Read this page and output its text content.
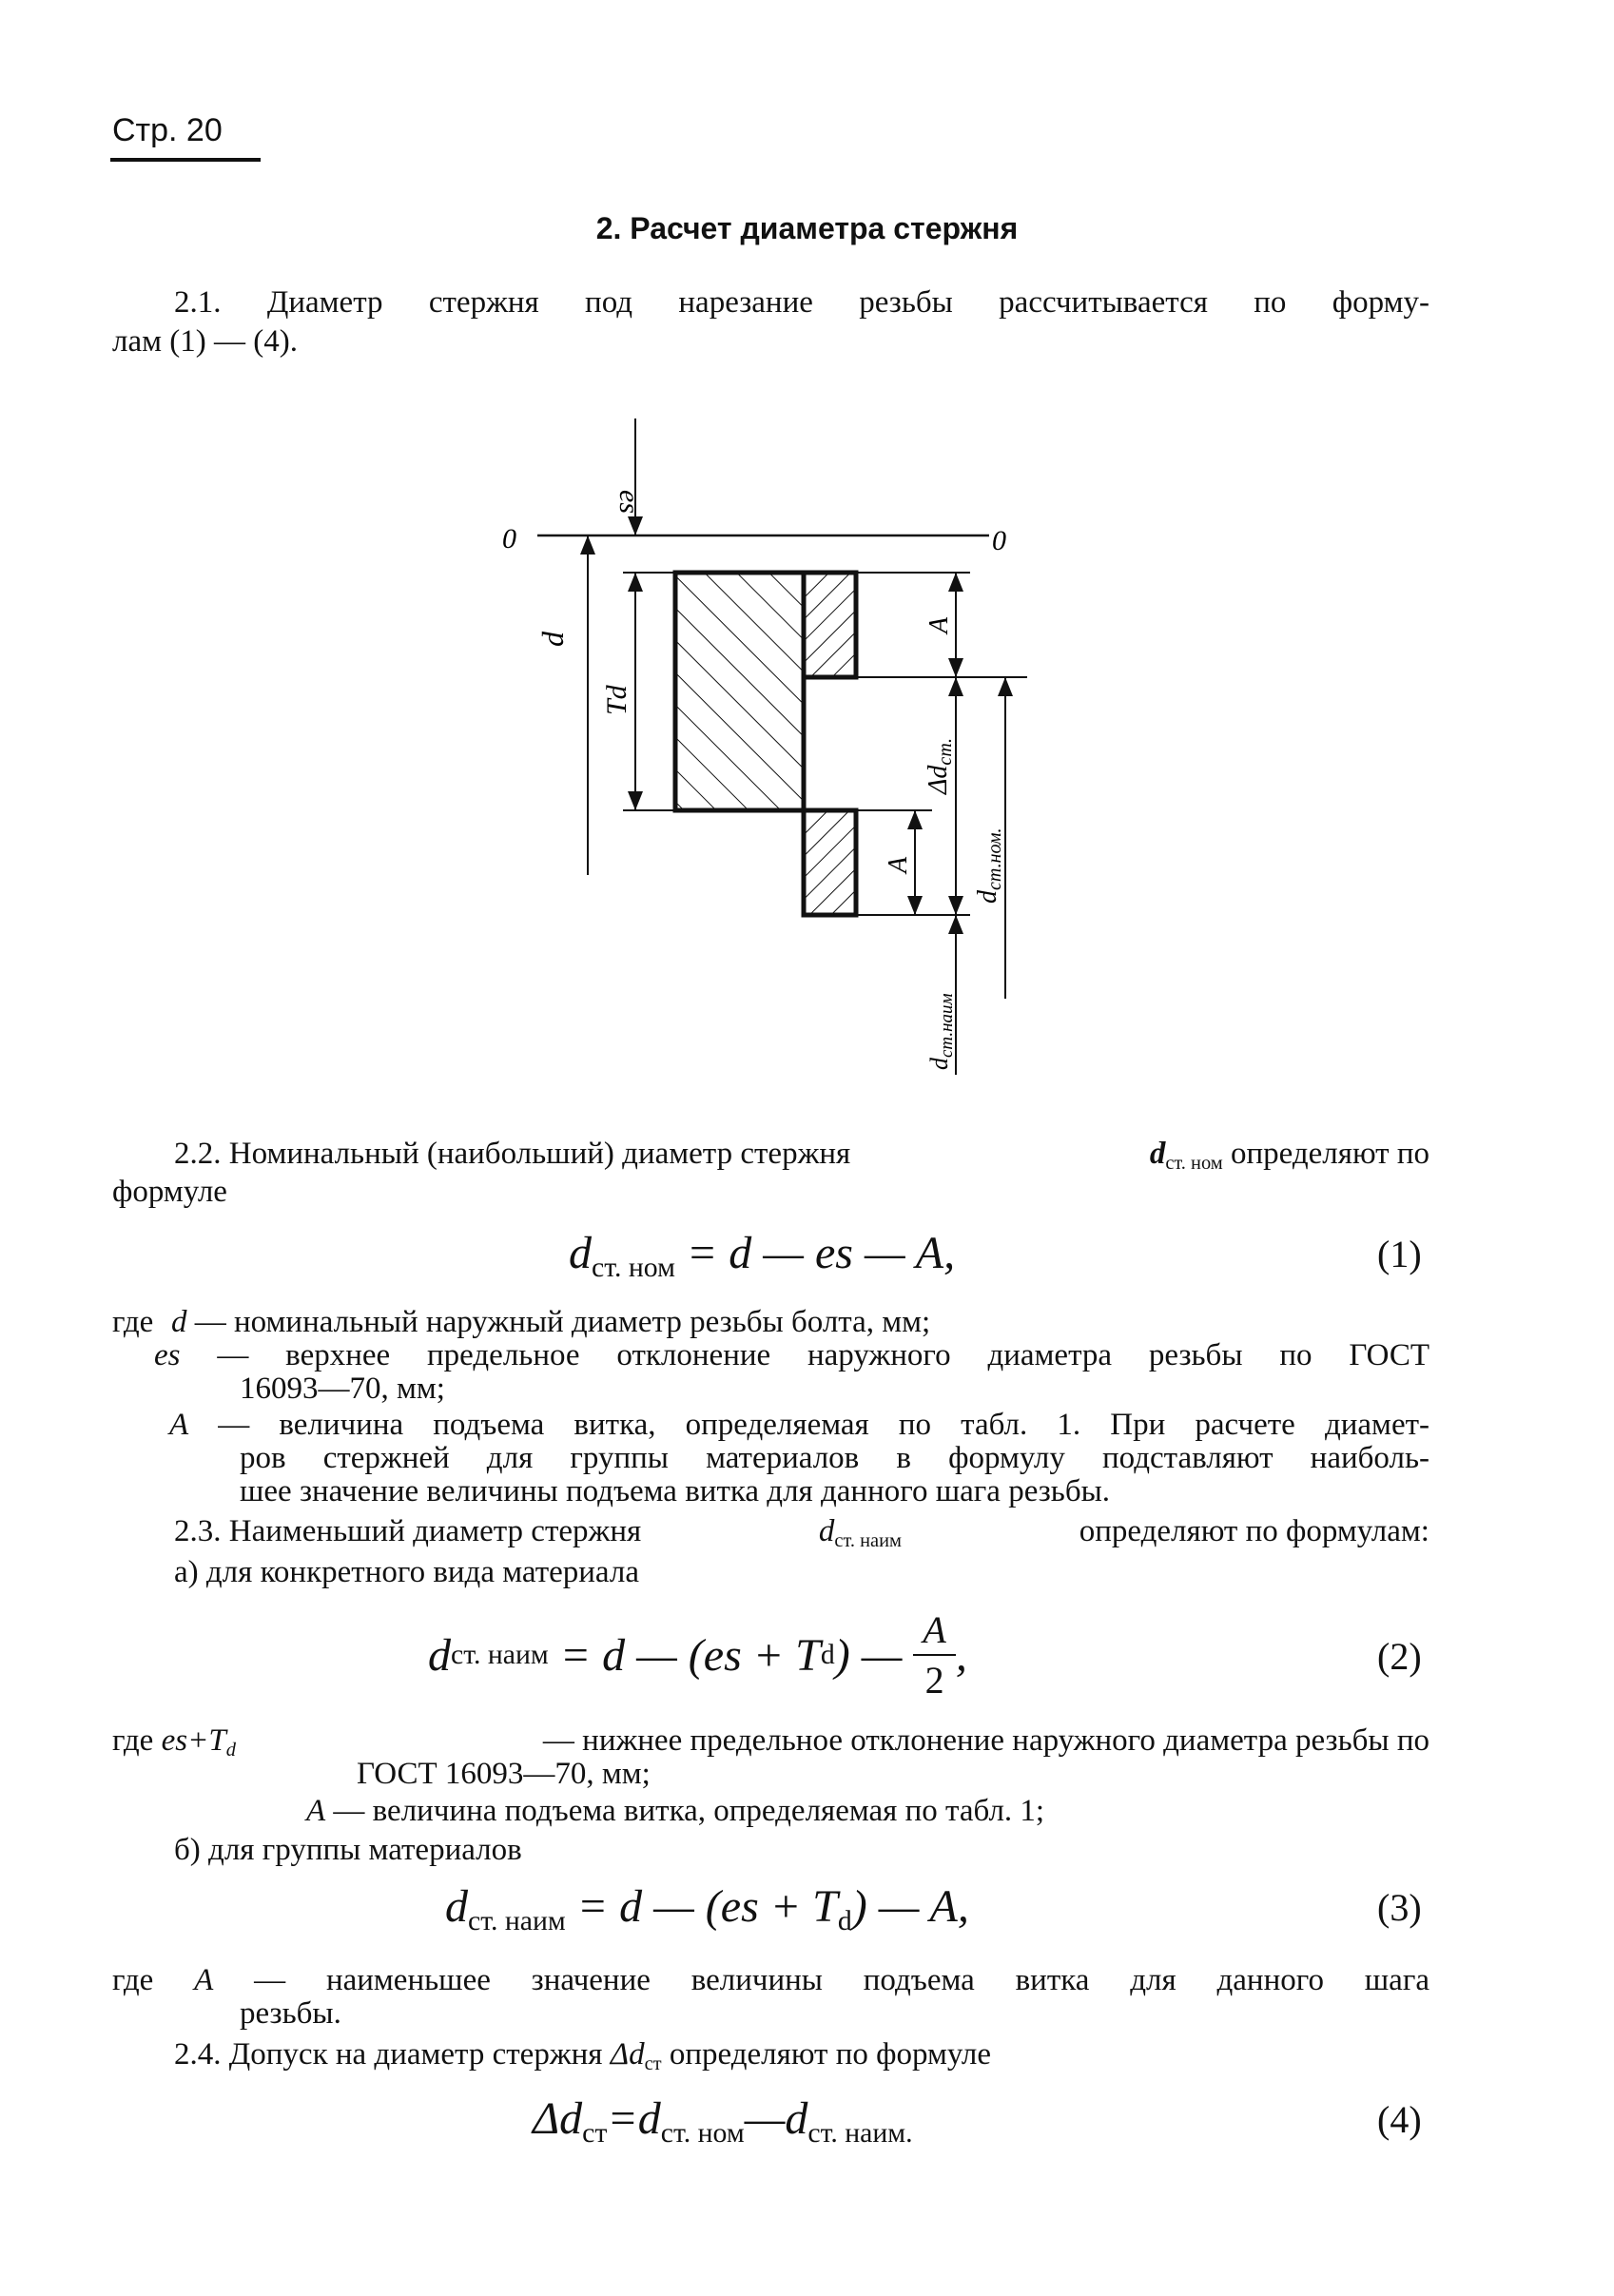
Стр. 20
2. Расчет диаметра стержня
2.1. Диаметр стержня под нарезание резьбы рассчитывается по форму-
лам (1) — (4).
0	0
es
d
Td
A
A
Δdст.
dст.ном.
dст.наим
2.2. Номинальный (наибольший) диаметр стержня	$d_{ст. ном}$ определяют по
формуле
$d_{ст. ном} = d$ — es — A,	(1)
где d — номинальный наружный диаметр резьбы болта, мм;
es — верхнее предельное отклонение наружного диаметра резьбы по ГОСТ
16093—70, мм;
A — величина подъема витка, определяемая по табл. 1. При расчете диамет-
ров стержней для группы материалов в формулу подставляют наиболь-
шее значение величины подъема витка для данного шага резьбы.
2.3. Наименьший диаметр стержня	$d_{ст. наим}$	определяют по формулам:
а) для конкретного вида материала
d ст. наим
= d — (es + T d ) —
$\frac{A}{2}$ ,	(2)
где $es+T_d$	— нижнее предельное отклонение наружного диаметра резьбы по
ГОСТ 16093—70, мм;
A — величина подъема витка, определяемая по табл. 1;
б) для группы материалов
$d_{ст. наим} = d$ — $(es + T_d)$ — A,	(3)
где A — наименьшее значение величины подъема витка для данного шага
резьбы.
2.4. Допуск на диаметр стержня $\Delta d_{ст}$ определяют по формуле
$\Delta d_{ст}=d_{ст. ном}—d_{ст. наим.}$	(4)
